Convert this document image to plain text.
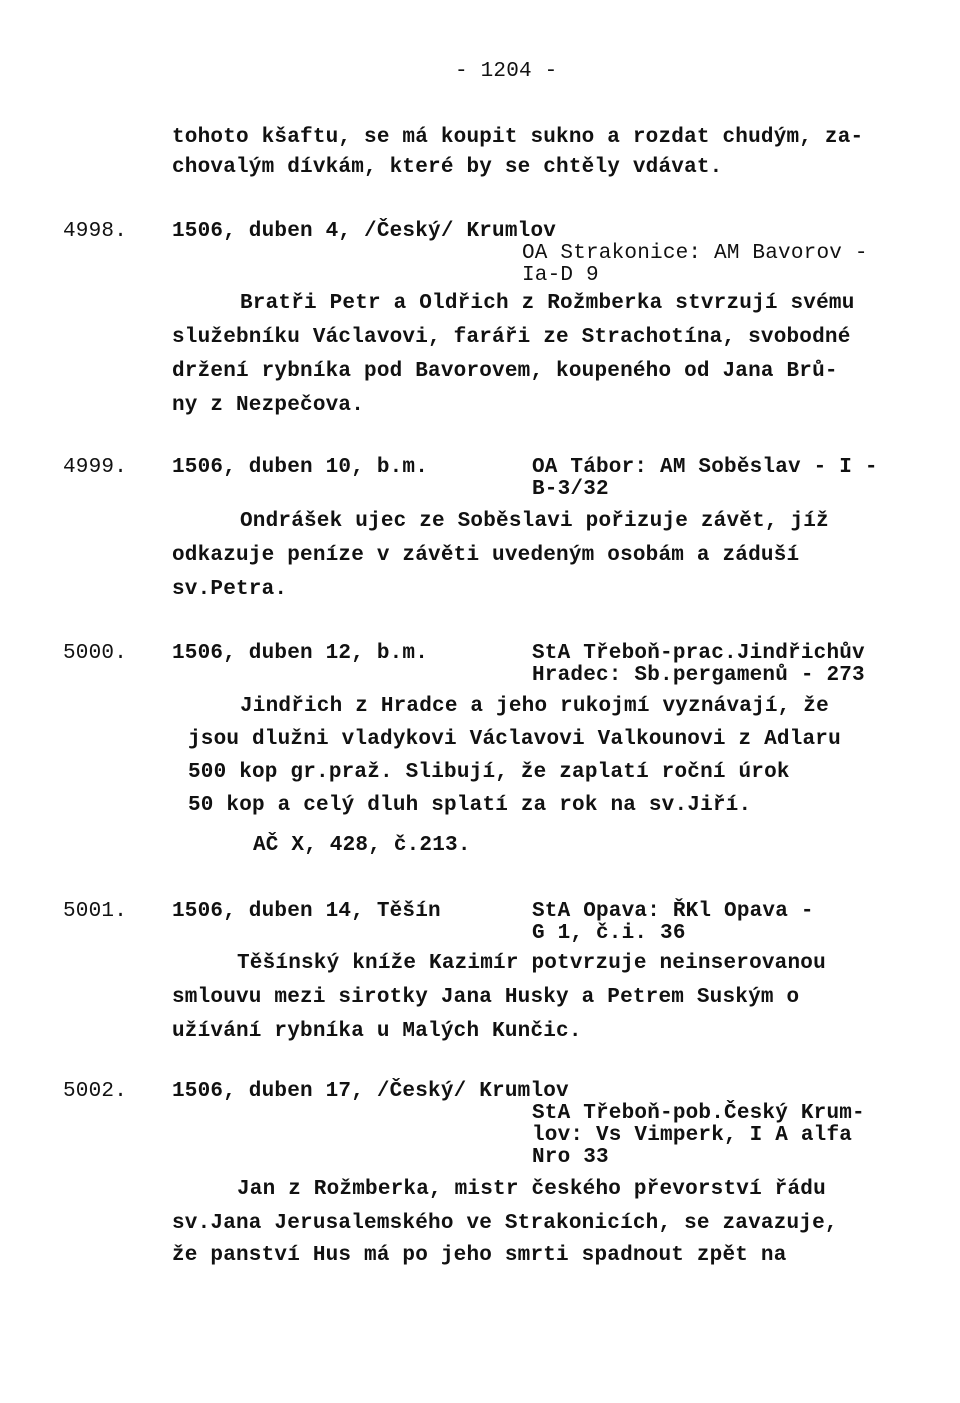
- 1204 -
tohoto kšaftu, se má koupit sukno a rozdat chudým, za-
chovalým dívkám, které by se chtěly vdávat.
4998. 1506, duben 4, /Český/ Krumlov
OA Strakonice: AM Bavorov -
Ia-D 9
Bratři Petr a Oldřich z Rožmberka stvrzují svému
služebníku Václavovi, faráři ze Strachotína, svobodné
držení rybníka pod Bavorovem, koupeného od Jana Brů-
ny z Nezpečova.
4999. 1506, duben 10, b.m.	OA Tábor: AM Soběslav - I -
B-3/32
Ondrášek ujec ze Soběslavi pořizuje závět, jíž
odkazuje peníze v závěti uvedeným osobám a záduší
sv.Petra.
5000. 1506, duben 12, b.m.	StA Třeboň-prac.Jindřichův
Hradec: Sb.pergamenů - 273
Jindřich z Hradce a jeho rukojmí vyznávají, že
jsou dlužni vladykovi Václavovi Valkounovi z Adlaru
500 kop gr.praž. Slibují, že zaplatí roční úrok
50 kop a celý dluh splatí za rok na sv.Jiří.
AČ X, 428, č.213.
5001. 1506, duben 14, Těšín	StA Opava: ŘKl Opava -
G 1, č.i. 36
Těšínský kníže Kazimír potvrzuje neinserovanou
smlouvu mezi sirotky Jana Husky a Petrem Suským o
užívání rybníka u Malých Kunčic.
5002. 1506, duben 17, /Český/ Krumlov
StA Třeboň-pob.Český Krum-
lov: Vs Vimperk, I A alfa
Nro 33
Jan z Rožmberka, mistr českého převorství řádu
sv.Jana Jerusalemského ve Strakonicích, se zavazuje,
že panství Hus má po jeho smrti spadnout zpět na
